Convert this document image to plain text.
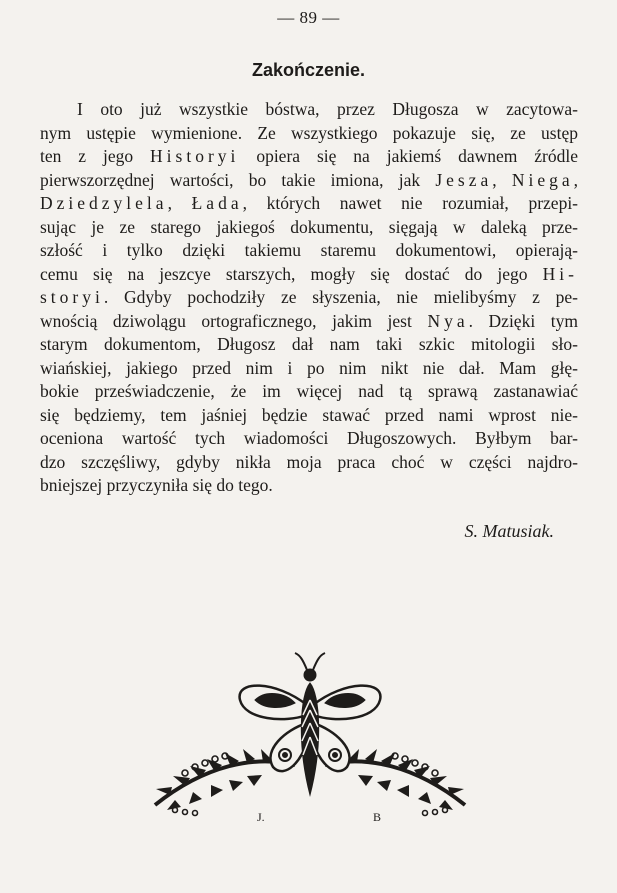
— 89 —
Zakończenie.
I oto już wszystkie bóstwa, przez Długosza w zacytowa-
nym ustępie wymienione. Ze wszystkiego pokazuje się, ze ustęp
ten z jego Historyi opiera się na jakiemś dawnem źródle
pierwszorzędnej wartości, bo takie imiona, jak Jesza, Niega,
Dziedzylela, Łada, których nawet nie rozumiał, przepi-
sując je ze starego jakiegoś dokumentu, sięgają w daleką prze-
szłość i tylko dzięki takiemu staremu dokumentowi, opierają-
cemu się na jeszcye starszych, mogły się dostać do jego Hi-
storyi. Gdyby pochodziły ze słyszenia, nie mielibyśmy z pe-
wnością dziwolągu ortograficznego, jakim jest Nya. Dzięki tym
starym dokumentom, Długosz dał nam taki szkic mitologii sło-
wiańskiej, jakiego przed nim i po nim nikt nie dał. Mam głę-
bokie przeświadczenie, że im więcej nad tą sprawą zastanawiać
się będziemy, tem jaśniej będzie stawać przed nami wprost nie-
oceniona wartość tych wiadomości Długoszowych. Byłbym bar-
dzo szczęśliwy, gdyby nikła moja praca choć w części najdro-
bniejszej przyczyniła się do tego.
S. Matusiak.
J.	B
